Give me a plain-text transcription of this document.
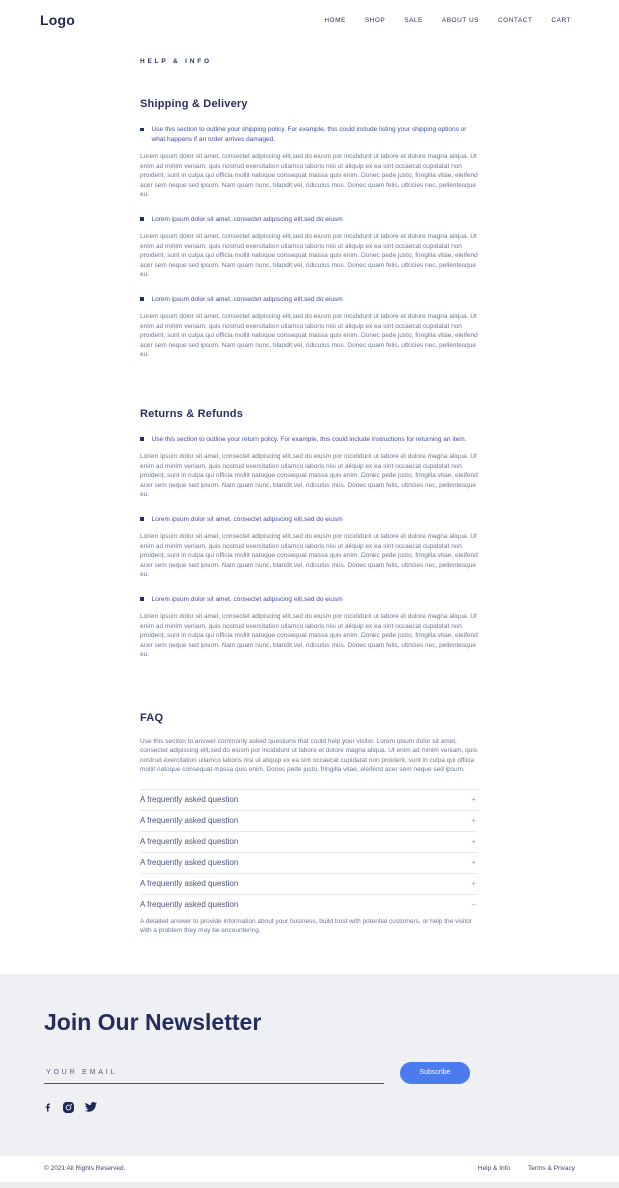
Logo	HOME	SHOP	SALE	ABOUT US	CONTACT	CART
HELP & INFO
Shipping & Delivery
Use this section to outline your shipping policy. For example, this could include listing your shipping options or what happens if an order arrives damaged.

Lorem ipsum dolor sit amet, consectet adipiscing elit,sed do eiusm por incididunt ut labore et dolore magna aliqua. Ut enim ad minim veniam, quis nostrud exercitation ullamco laboris nisi ut aliquip ex ea sint occaecat cupidatat non proident, sunt in culpa qui officia mollit natoque consequat massa quis enim. Donec pede justo, fringilla vitae, eleifend acer sem neque sed ipsum. Nam quam nunc, blandit vel, ridiculus mus. Donec quam felis, ultricies nec, pellentesque eu.

Lorem ipsum dolor sit amet, consectet adipiscing elit,sed do eiusm

Lorem ipsum dolor sit amet, consectet adipiscing elit,sed do eiusm por incididunt ut labore et dolore magna aliqua. Ut enim ad minim veniam, quis nostrud exercitation ullamco laboris nisi ut aliquip ex ea sint occaecat cupidatat non proident, sunt in culpa qui officia mollit natoque consequat massa quis enim. Donec pede justo, fringilla vitae, eleifend acer sem neque sed ipsum. Nam quam nunc, blandit vel, ridiculus mus. Donec quam felis, ultricies nec, pellentesque eu.

Lorem ipsum dolor sit amet, consectet adipiscing elit,sed do eiusm

Lorem ipsum dolor sit amet, consectet adipiscing elit,sed do eiusm por incididunt ut labore et dolore magna aliqua. Ut enim ad minim veniam, quis nostrud exercitation ullamco laboris nisi ut aliquip ex ea sint occaecat cupidatat non proident, sunt in culpa qui officia mollit natoque consequat massa quis enim. Donec pede justo, fringilla vitae, eleifend acer sem neque sed ipsum. Nam quam nunc, blandit vel, ridiculus mus. Donec quam felis, ultricies nec, pellentesque eu.

Returns & Refunds
Use this section to outline your return policy. For example, this could include instructions for returning an item.

Lorem ipsum dolor sit amet, consectet adipiscing elit,sed do eiusm por incididunt ut labore et dolore magna aliqua. Ut enim ad minim veniam, quis nostrud exercitation ullamco laboris nisi ut aliquip ex ea sint occaecat cupidatat non proident, sunt in culpa qui officia mollit natoque consequat massa quis enim. Donec pede justo, fringilla vitae, eleifend acer sem neque sed ipsum. Nam quam nunc, blandit vel, ridiculus mus. Donec quam felis, ultricies nec, pellentesque eu.

Lorem ipsum dolor sit amet, consectet adipiscing elit,sed do eiusm

Lorem ipsum dolor sit amet, consectet adipiscing elit,sed do eiusm por incididunt ut labore et dolore magna aliqua. Ut enim ad minim veniam, quis nostrud exercitation ullamco laboris nisi ut aliquip ex ea sint occaecat cupidatat non proident, sunt in culpa qui officia mollit natoque consequat massa quis enim. Donec pede justo, fringilla vitae, eleifend acer sem neque sed ipsum. Nam quam nunc, blandit vel, ridiculus mus. Donec quam felis, ultricies nec, pellentesque eu.

Lorem ipsum dolor sit amet, consectet adipiscing elit,sed do eiusm

Lorem ipsum dolor sit amet, consectet adipiscing elit,sed do eiusm por incididunt ut labore et dolore magna aliqua. Ut enim ad minim veniam, quis nostrud exercitation ullamco laboris nisi ut aliquip ex ea sint occaecat cupidatat non proident, sunt in culpa qui officia mollit natoque consequat massa quis enim. Donec pede justo, fringilla vitae, eleifend acer sem neque sed ipsum. Nam quam nunc, blandit vel, ridiculus mus. Donec quam felis, ultricies nec, pellentesque eu.

FAQ

Use this section to answer commonly asked questions that could help your visitor. Lorem ipsum dolor sit amet, consectet adipiscing elit,sed do eiusm por incididunt ut labore et dolore magna aliqua. Ut enim ad minim veniam, quis nostrud exercitation ullamco laboris nisi ut aliquip ex ea sint occaecat cupidatat non proident, sunt in culpa qui officia mollit natoque consequat massa quis enim. Donec pede justo, fringilla vitae, eleifend acer sem neque sed ipsum.

A frequently asked question	+
A frequently asked question	+
A frequently asked question	+
A frequently asked question	+
A frequently asked question	+
A frequently asked question	–

A detailed answer to provide information about your business, build trust with potential customers, or help the visitor with a problem they may be encountering.

Join Our Newsletter
YOUR EMAIL
Subscribe
© 2021 All Rights Reserved.	Help & Info	Terms & Privacy
